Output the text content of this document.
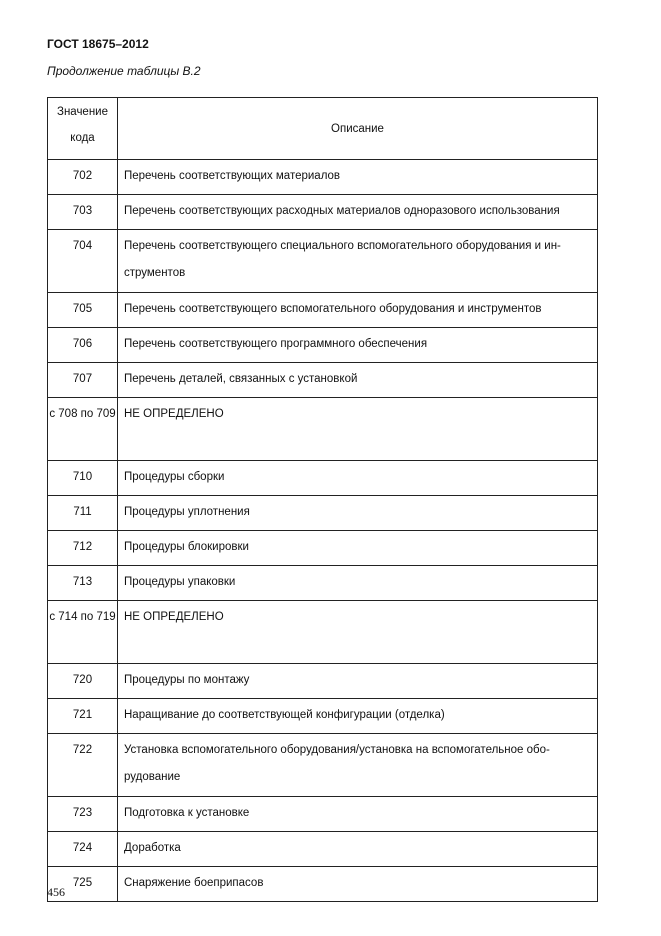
ГОСТ 18675–2012
Продолжение таблицы В.2
Значение
кода	Описание
702	Перечень соответствующих материалов
703	Перечень соответствующих расходных материалов одноразового использования
704	Перечень соответствующего специального вспомогательного оборудования и ин-струментов
705	Перечень соответствующего вспомогательного оборудования и инструментов
706	Перечень соответствующего программного обеспечения
707	Перечень деталей, связанных с установкой
с 708 по 709	НЕ ОПРЕДЕЛЕНО
710	Процедуры сборки
711	Процедуры уплотнения
712	Процедуры блокировки
713	Процедуры упаковки
с 714 по 719	НЕ ОПРЕДЕЛЕНО
720	Процедуры по монтажу
721	Наращивание до соответствующей конфигурации (отделка)
722	Установка вспомогательного оборудования/установка на вспомогательное обо-рудование
723	Подготовка к установке
724	Доработка
725	Снаряжение боеприпасов
456
